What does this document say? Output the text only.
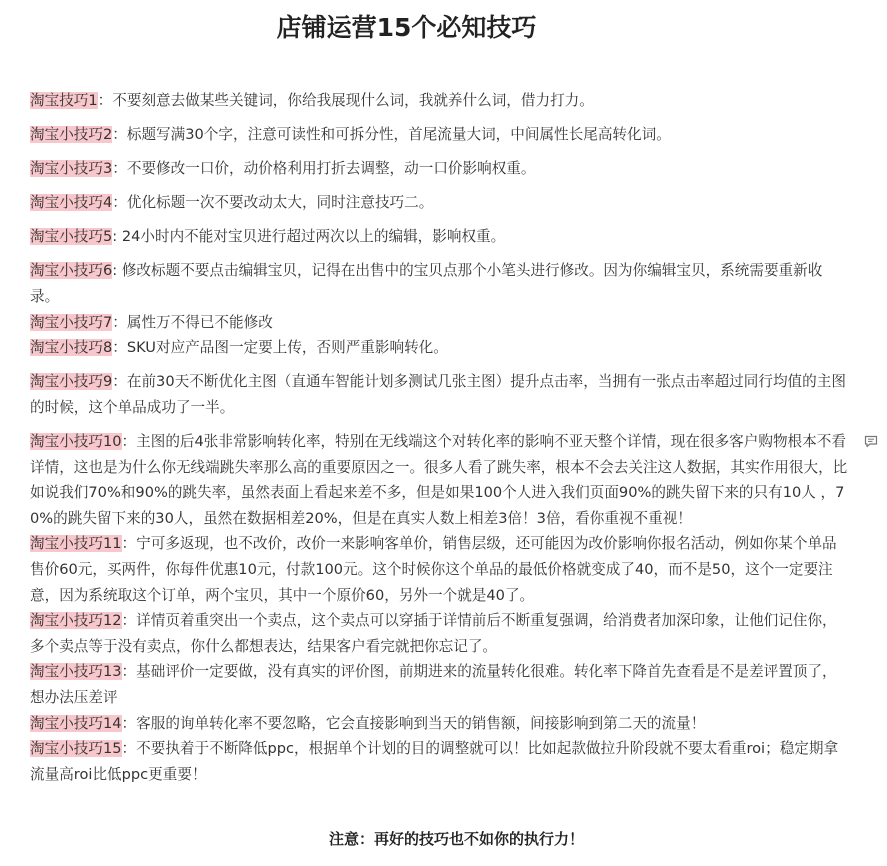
店铺运营15个必知技巧
淘宝技巧1：不要刻意去做某些关键词，你给我展现什么词，我就养什么词，借力打力。
淘宝小技巧2：标题写满30个字，注意可读性和可拆分性，首尾流量大词，中间属性长尾高转化词。
淘宝小技巧3：不要修改一口价，动价格利用打折去调整，动一口价影响权重。
淘宝小技巧4：优化标题一次不要改动太大，同时注意技巧二。
淘宝小技巧5: 24小时内不能对宝贝进行超过两次以上的编辑，影响权重。
淘宝小技巧6: 修改标题不要点击编辑宝贝，记得在出售中的宝贝点那个小笔头进行修改。因为你编辑宝贝，系统需要重新收录。
淘宝小技巧7：属性万不得已不能修改
淘宝小技巧8：SKU对应产品图一定要上传，否则严重影响转化。
淘宝小技巧9：在前30天不断优化主图（直通车智能计划多测试几张主图）提升点击率，当拥有一张点击率超过同行均值的主图的时候，这个单品成功了一半。
淘宝小技巧10：主图的后4张非常影响转化率，特别在无线端这个对转化率的影响不亚天整个详情，现在很多客户购物根本不看详情，这也是为什么你无线端跳失率那么高的重要原因之一。很多人看了跳失率，根本不会去关注这人数据，其实作用很大，比如说我们70%和90%的跳失率，虽然表面上看起来差不多，但是如果100个人进入我们页面90%的跳失留下来的只有10人 ，70%的跳失留下来的30人，虽然在数据相差20%，但是在真实人数上相差3倍！3倍，看你重视不重视！
淘宝小技巧11：宁可多返现，也不改价，改价一来影响客单价，销售层级，还可能因为改价影响你报名活动，例如你某个单品售价60元，买两件，你每件优惠10元，付款100元。这个时候你这个单品的最低价格就变成了40，而不是50，这个一定要注意，因为系统取这个订单，两个宝贝，其中一个原价60，另外一个就是40了。
淘宝小技巧12：详情页着重突出一个卖点，这个卖点可以穿插于详情前后不断重复强调，给消费者加深印象，让他们记住你，多个卖点等于没有卖点，你什么都想表达，结果客户看完就把你忘记了。
淘宝小技巧13：基础评价一定要做，没有真实的评价图，前期进来的流量转化很难。转化率下降首先查看是不是差评置顶了，想办法压差评
淘宝小技巧14：客服的询单转化率不要忽略，它会直接影响到当天的销售额，间接影响到第二天的流量！
淘宝小技巧15：不要执着于不断降低ppc，根据单个计划的目的调整就可以！比如起款做拉升阶段就不要太看重roi；稳定期拿流量高roi比低ppc更重要！
注意：再好的技巧也不如你的执行力！
